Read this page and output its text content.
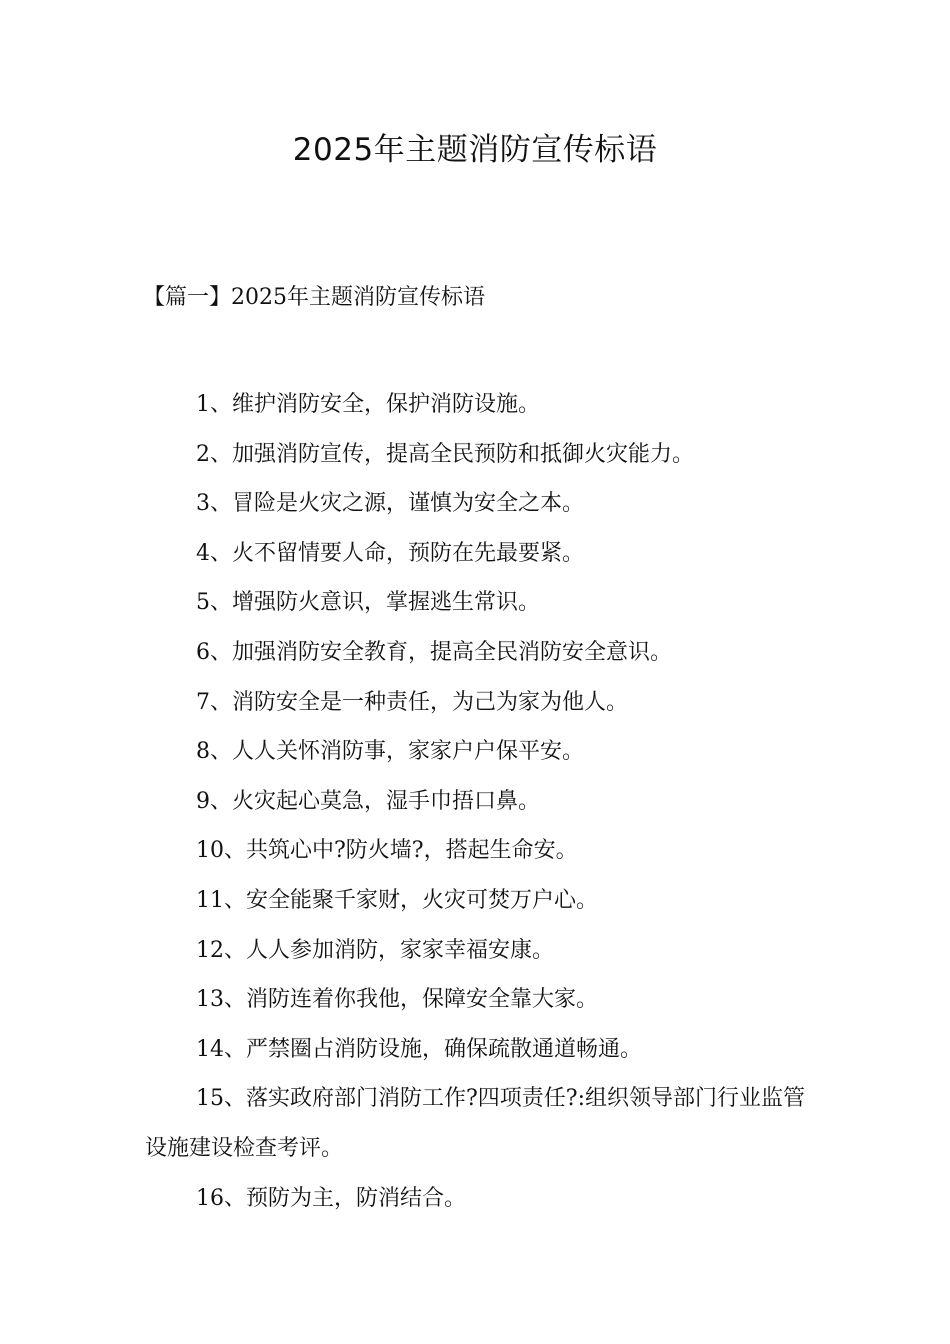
2025年主题消防宣传标语
【篇一】2025年主题消防宣传标语
1 、 维护消防安全，保护消防设施。
2 、 加强消防宣传，提高全民预防和抵御火灾能力。
3 、 冒险是火灾之源，谨慎为安全之本。
4 、 火不留情要人命，预防在先最要紧。
5 、 增强防火意识，掌握逃生常识。
6 、 加强消防安全教育，提高全民消防安全意识。
7 、 消防安全是一种责任，为己为家为他人。
8 、 人人关怀消防事，家家户户保平安。
9 、 火灾起心莫急，湿手巾捂口鼻。
10 、 共筑心中?防火墙?，搭起生命安。
11 、 安全能聚千家财，火灾可焚万户心。
12 、 人人参加消防，家家幸福安康。
13 、 消防连着你我他，保障安全靠大家。
14 、 严禁圈占消防设施，确保疏散通道畅通。
15 、 落实政府部门消防工作?四项责任?:组织领导部门行业监管设施建设检查考评。
16 、 预防为主，防消结合。
